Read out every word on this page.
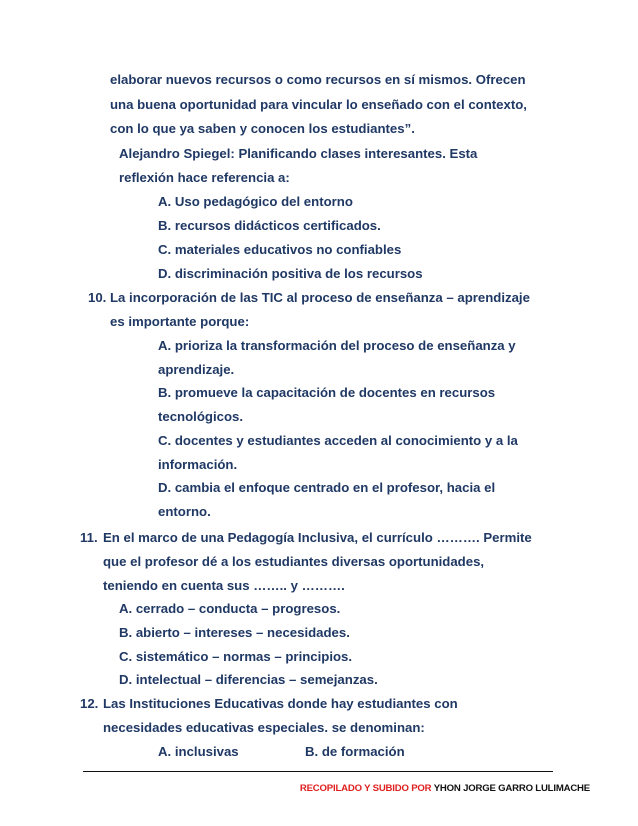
elaborar nuevos recursos o como recursos en sí mismos. Ofrecen
una buena oportunidad para vincular lo enseñado con el contexto,
con lo que ya saben y conocen los estudiantes”.
Alejandro Spiegel: Planificando clases interesantes. Esta
reflexión hace referencia a:
A. Uso pedagógico del entorno
B. recursos didácticos certificados.
C. materiales educativos no confiables
D. discriminación positiva de los recursos
10. La incorporación de las TIC al proceso de enseñanza – aprendizaje
es importante porque:
A. prioriza la transformación del proceso de enseñanza y
aprendizaje.
B. promueve la capacitación de docentes en recursos
tecnológicos.
C. docentes y estudiantes acceden al conocimiento y a la
información.
D. cambia el enfoque centrado en el profesor, hacia el
entorno.
11. En el marco de una Pedagogía Inclusiva, el currículo ………. Permite
que el profesor dé a los estudiantes diversas oportunidades,
teniendo en cuenta sus …….. y ……….
A. cerrado – conducta – progresos.
B. abierto – intereses – necesidades.
C. sistemático – normas – principios.
D. intelectual – diferencias – semejanzas.
12. Las Instituciones Educativas donde hay estudiantes con
necesidades educativas especiales. se denominan:
A. inclusivas	B. de formación
RECOPILADO Y SUBIDO POR YHON JORGE GARRO LULIMACHE
